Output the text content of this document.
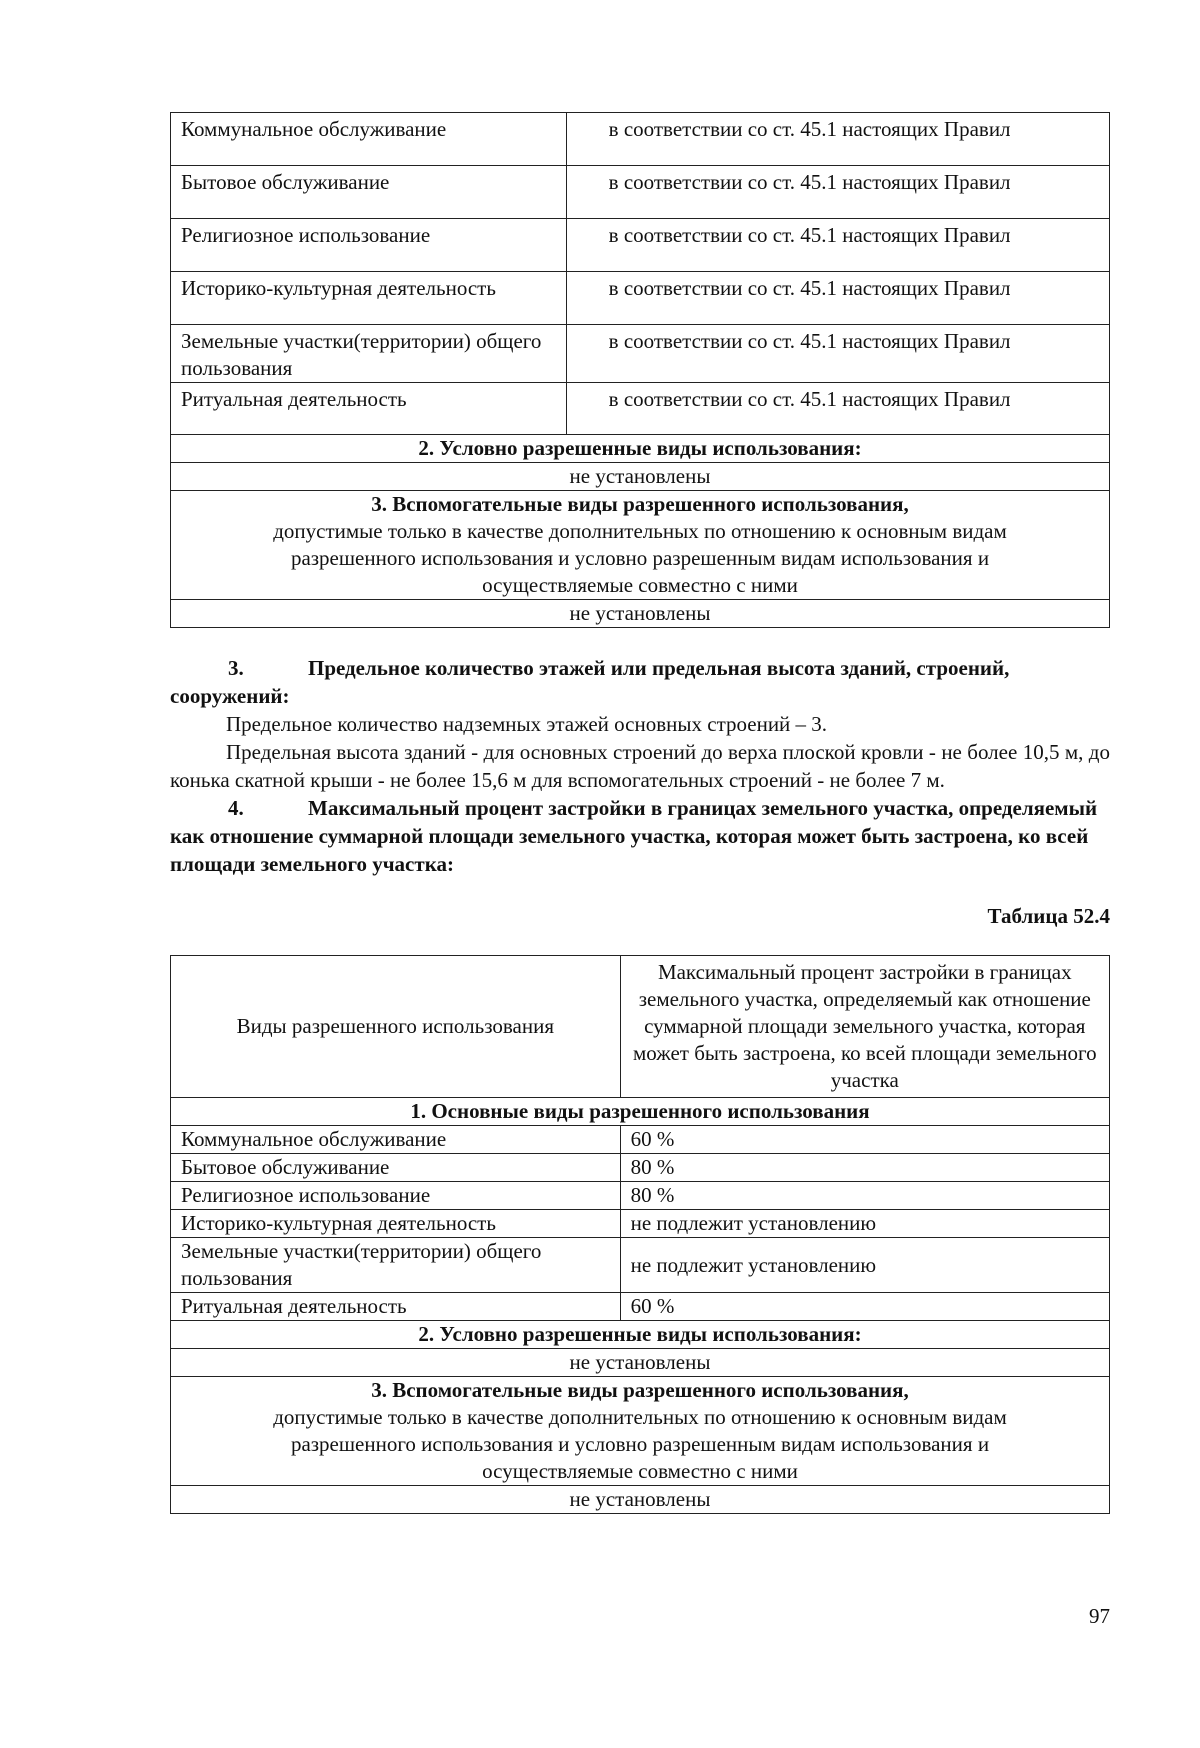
Коммунальное обслуживание	в соответствии со ст. 45.1 настоящих Правил
Бытовое обслуживание	в соответствии со ст. 45.1 настоящих Правил
Религиозное использование	в соответствии со ст. 45.1 настоящих Правил
Историко-культурная деятельность	в соответствии со ст. 45.1 настоящих Правил
Земельные участки(территории) общего пользования	в соответствии со ст. 45.1 настоящих Правил
Ритуальная деятельность	в соответствии со ст. 45.1 настоящих Правил
2. Условно разрешенные виды использования:	
не установлены	

3. Вспомогательные виды разрешенного использования,
допустимые только в качестве дополнительных по отношению к основным видам разрешенного использования и условно разрешенным видам использования и осуществляемые совместно с ними	

не установлены	

3.	Предельное количество этажей или предельная высота зданий, строений, сооружений:

Предельное количество надземных этажей основных строений – 3.

Предельная высота зданий - для основных строений до верха плоской кровли - не более 10,5 м, до конька скатной крыши - не более 15,6 м для вспомогательных строений - не более 7 м.

4.	Максимальный процент застройки в границах земельного участка, определяемый как отношение суммарной площади земельного участка, которая может быть застроена, ко всей площади земельного участка:

Таблица 52.4
Виды разрешенного использования	Максимальный процент застройки в границах земельного участка, определяемый как отношение суммарной площади земельного участка, которая может быть застроена, ко всей площади земельного участка
1. Основные виды разрешенного использования	
Коммунальное обслуживание	60 %
Бытовое обслуживание	80 %
Религиозное использование	80 %
Историко-культурная деятельность	не подлежит установлению
Земельные участки(территории) общего пользования	не подлежит установлению
Ритуальная деятельность	60 %
2. Условно разрешенные виды использования:	
не установлены	

3. Вспомогательные виды разрешенного использования,
допустимые только в качестве дополнительных по отношению к основным видам разрешенного использования и условно разрешенным видам использования и осуществляемые совместно с ними	

не установлены	
97
